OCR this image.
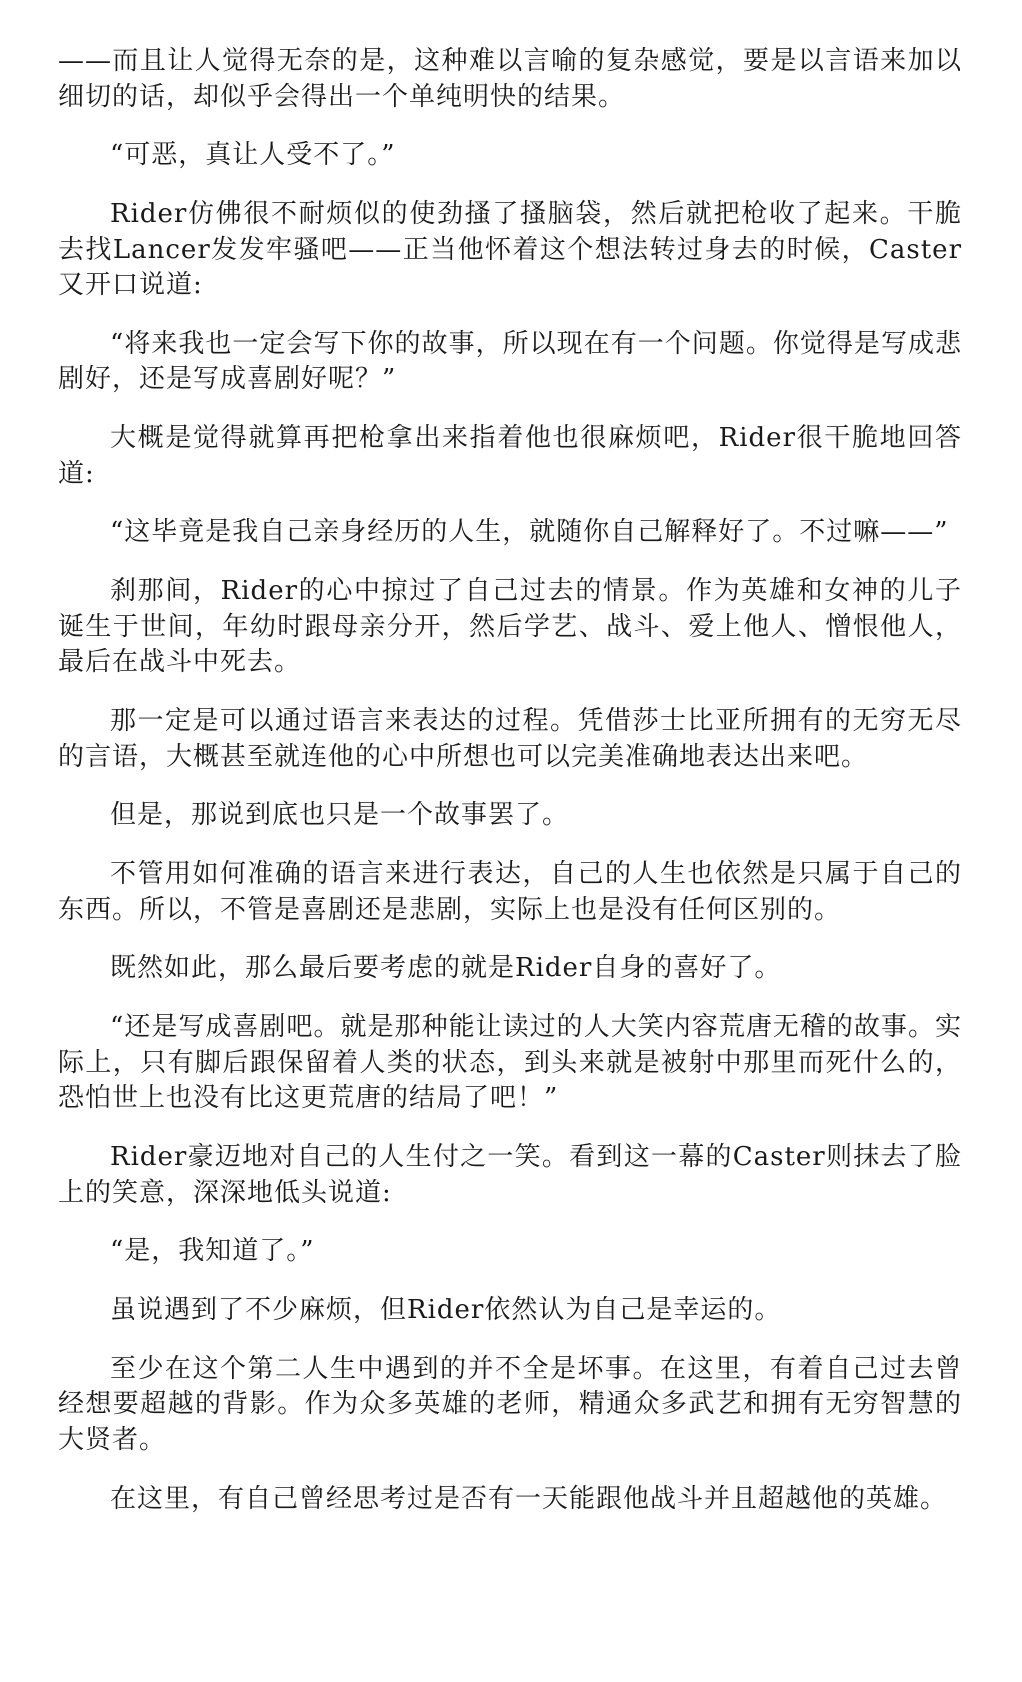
——而且让人觉得无奈的是，这种难以言喻的复杂感觉，要是以言语来加以细切的话，却似乎会得出一个单纯明快的结果。

“可恶，真让人受不了。”

Rider仿佛很不耐烦似的使劲搔了搔脑袋，然后就把枪收了起来。干脆去找Lancer发发牢骚吧——正当他怀着这个想法转过身去的时候，Caster又开口说道:

“将来我也一定会写下你的故事，所以现在有一个问题。你觉得是写成悲剧好，还是写成喜剧好呢？”

大概是觉得就算再把枪拿出来指着他也很麻烦吧，Rider很干脆地回答道:

“这毕竟是我自己亲身经历的人生，就随你自己解释好了。不过嘛——”

刹那间，Rider的心中掠过了自己过去的情景。作为英雄和女神的儿子诞生于世间，年幼时跟母亲分开，然后学艺、战斗、爱上他人、憎恨他人，最后在战斗中死去。

那一定是可以通过语言来表达的过程。凭借莎士比亚所拥有的无穷无尽的言语，大概甚至就连他的心中所想也可以完美准确地表达出来吧。

但是，那说到底也只是一个故事罢了。

不管用如何准确的语言来进行表达，自己的人生也依然是只属于自己的东西。所以，不管是喜剧还是悲剧，实际上也是没有任何区别的。

既然如此，那么最后要考虑的就是Rider自身的喜好了。

“还是写成喜剧吧。就是那种能让读过的人大笑内容荒唐无稽的故事。实际上，只有脚后跟保留着人类的状态，到头来就是被射中那里而死什么的，恐怕世上也没有比这更荒唐的结局了吧！”

Rider豪迈地对自己的人生付之一笑。看到这一幕的Caster则抹去了脸上的笑意，深深地低头说道:

“是，我知道了。”

虽说遇到了不少麻烦，但Rider依然认为自己是幸运的。

至少在这个第二人生中遇到的并不全是坏事。在这里，有着自己过去曾经想要超越的背影。作为众多英雄的老师，精通众多武艺和拥有无穷智慧的大贤者。

在这里，有自己曾经思考过是否有一天能跟他战斗并且超越他的英雄。
